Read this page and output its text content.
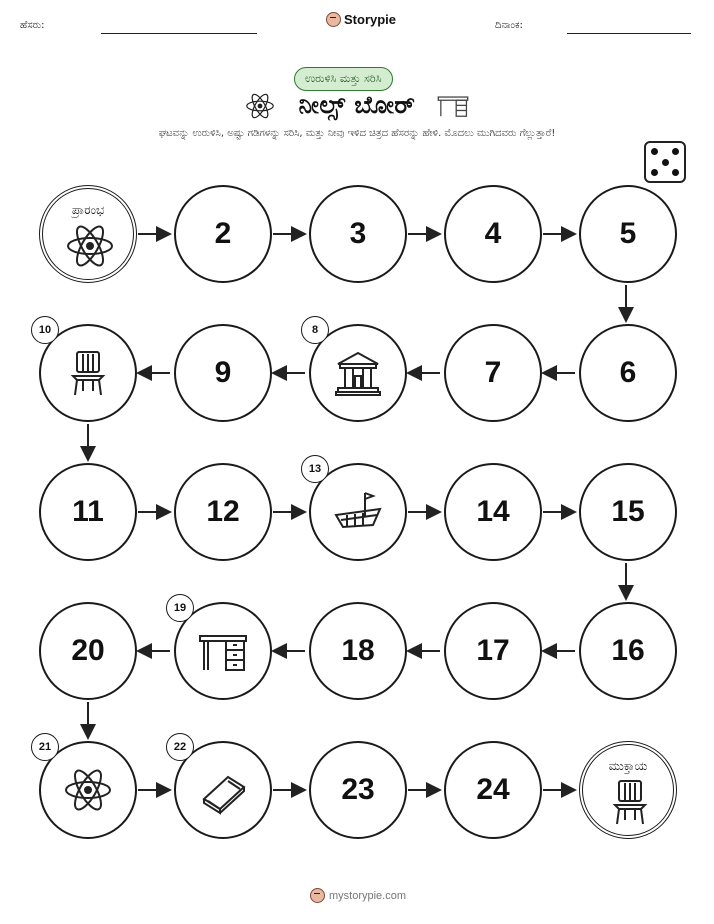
ಹೆಸರು:	Storypie	ದಿನಾಂಕ:
ಉರುಳಿಸಿ ಮತ್ತು ಸರಿಸಿ
ನೀಲ್ಸ್ ಬೋರ್
ಘಟವನ್ನು ಉರುಳಿಸಿ, ಅಷ್ಟು ಗಡಿಗಳನ್ನು ಸರಿಸಿ, ಮತ್ತು ನೀವು ಇಳಿದ ಚಿತ್ರದ ಹೆಸರನ್ನು ಹೇಳಿ. ಮೊದಲು ಮುಗಿದವರು ಗೆಲ್ಲುತ್ತಾರೆ!
ಪ್ರಾರಂಭ
2	3	4	5
10
9
8
7	6
11	12
13
14	15
20
19
18	17	16
21	22
23	24
ಮುಕ್ತಾಯ
mystorypie.com
